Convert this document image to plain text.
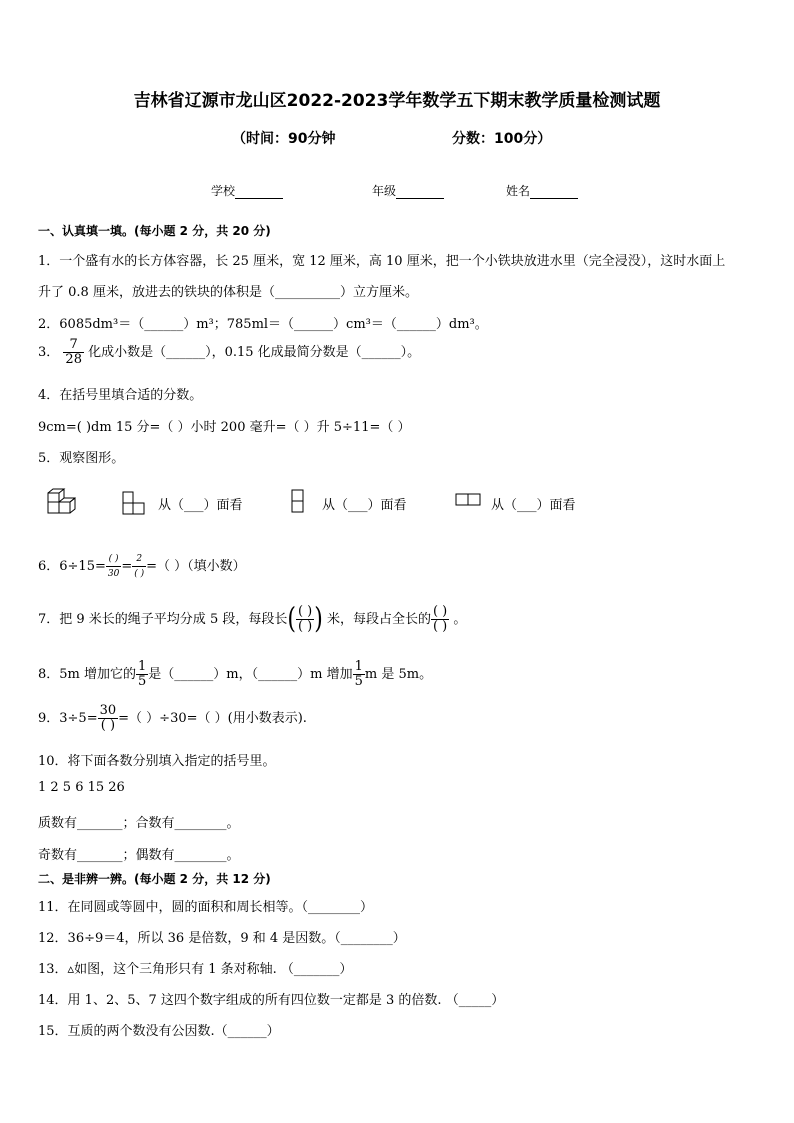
吉林省辽源市龙山区2022-2023学年数学五下期末教学质量检测试题
（时间：90分钟	分数：100分）
学校	年级	姓名
一、认真填一填。(每小题 2 分，共 20 分)
1．一个盛有水的长方体容器，长 25 厘米，宽 12 厘米，高 10 厘米，把一个小铁块放进水里（完全浸没），这时水面上
升了 0.8 厘米，放进去的铁块的体积是（__________）立方厘米。
2．6085dm³＝（______）m³；785ml＝（______）cm³＝（______）dm³。
3． $\frac{7}{28}$ 化成小数是（______），0.15 化成最简分数是（______）。
4．在括号里填合适的分数。
9cm=( )dm 15 分=（ ）小时 200 毫升=（ ）升 5÷11=（ ）
5．观察图形。
从（___）面看	从（___）面看	从（___）面看
6．$6\div 15= \frac{( )}{30} = \frac{2}{( )}$ =（ ）（填小数）
7．把 9 米长的绳子平均分成 5 段，每段长( $\frac{( )}{( )}$ ) 米，每段占全长的 $\frac{( )}{( )}$ 。
8．5m 增加它的 $\frac{1}{5}$ 是（______）m，（______）m 增加 $\frac{1}{5}$ m 是 5m。
9．$3\div 5= \frac{30}{( )}$ =（ ）÷30=（ ）(用小数表示).
10．将下面各数分别填入指定的括号里。
1 2 5 6 15 26
质数有_______；合数有________。
奇数有_______；偶数有________。
二、是非辨一辨。(每小题 2 分，共 12 分)
11．在同圆或等圆中，圆的面积和周长相等。（________）
12．36÷9＝4，所以 36 是倍数，9 和 4 是因数。（________）
13．▵如图，这个三角形只有 1 条对称轴. （_______）
14．用 1、2、5、7 这四个数字组成的所有四位数一定都是 3 的倍数. （_____）
15．互质的两个数没有公因数.（______）
